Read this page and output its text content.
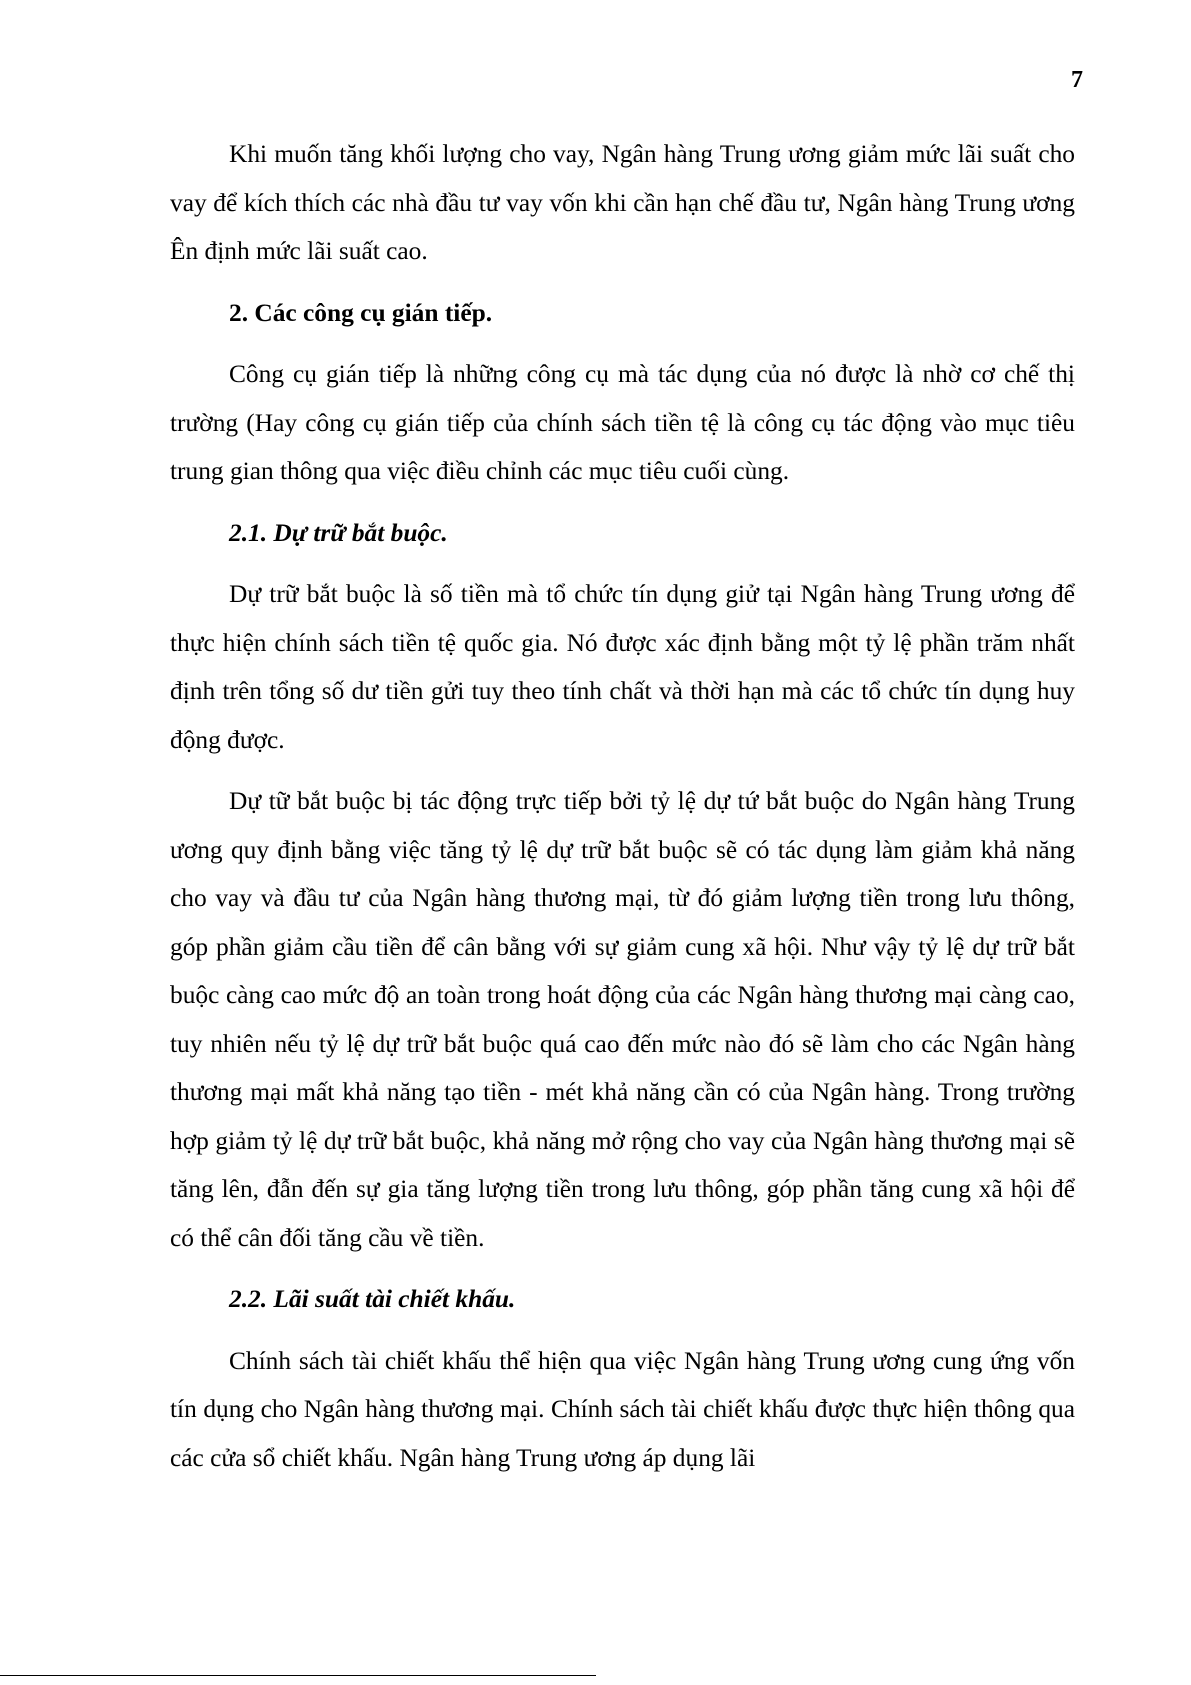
7

Khi muốn tăng khối lượng cho vay, Ngân hàng Trung ương giảm mức lãi suất cho vay để kích thích các nhà đầu tư vay vốn khi cần hạn chế đầu tư, Ngân hàng Trung ương Ên định mức lãi suất cao.

2. Các công cụ gián tiếp.

Công cụ gián tiếp là những công cụ mà tác dụng của nó được là nhờ cơ chế thị trường (Hay công cụ gián tiếp của chính sách tiền tệ là công cụ tác động vào mục tiêu trung gian thông qua việc điều chỉnh các mục tiêu cuối cùng.

2.1. Dự trữ bắt buộc.

Dự trữ bắt buộc là số tiền mà tổ chức tín dụng giử tại Ngân hàng Trung ương để thực hiện chính sách tiền tệ quốc gia. Nó được xác định bằng một tỷ lệ phần trăm nhất định trên tổng số dư tiền gửi tuy theo tính chất và thời hạn mà các tổ chức tín dụng huy động được.

Dự tữ bắt buộc bị tác động trực tiếp bởi tỷ lệ dự tứ bắt buộc do Ngân hàng Trung ương quy định bằng việc tăng tỷ lệ dự trữ bắt buộc sẽ có tác dụng làm giảm khả năng cho vay và đầu tư của Ngân hàng thương mại, từ đó giảm lượng tiền trong lưu thông, góp phần giảm cầu tiền để cân bằng với sự giảm cung xã hội. Như vậy tỷ lệ dự trữ bắt buộc càng cao mức độ an toàn trong hoát động của các Ngân hàng thương mại càng cao, tuy nhiên nếu tỷ lệ dự trữ bắt buộc quá cao đến mức nào đó sẽ làm cho các Ngân hàng thương mại mất khả năng tạo tiền - mét khả năng cần có của Ngân hàng. Trong trường hợp giảm tỷ lệ dự trữ bắt buộc, khả năng mở rộng cho vay của Ngân hàng thương mại sẽ tăng lên, đẫn đến sự gia tăng lượng tiền trong lưu thông, góp phần tăng cung xã hội để có thể cân đối tăng cầu về tiền.

2.2. Lãi suất tài chiết khấu.

Chính sách tài chiết khấu thể hiện qua việc Ngân hàng Trung ương cung ứng vốn tín dụng cho Ngân hàng thương mại. Chính sách tài chiết khấu được thực hiện thông qua các cửa sổ chiết khấu. Ngân hàng Trung ương áp dụng lãi
